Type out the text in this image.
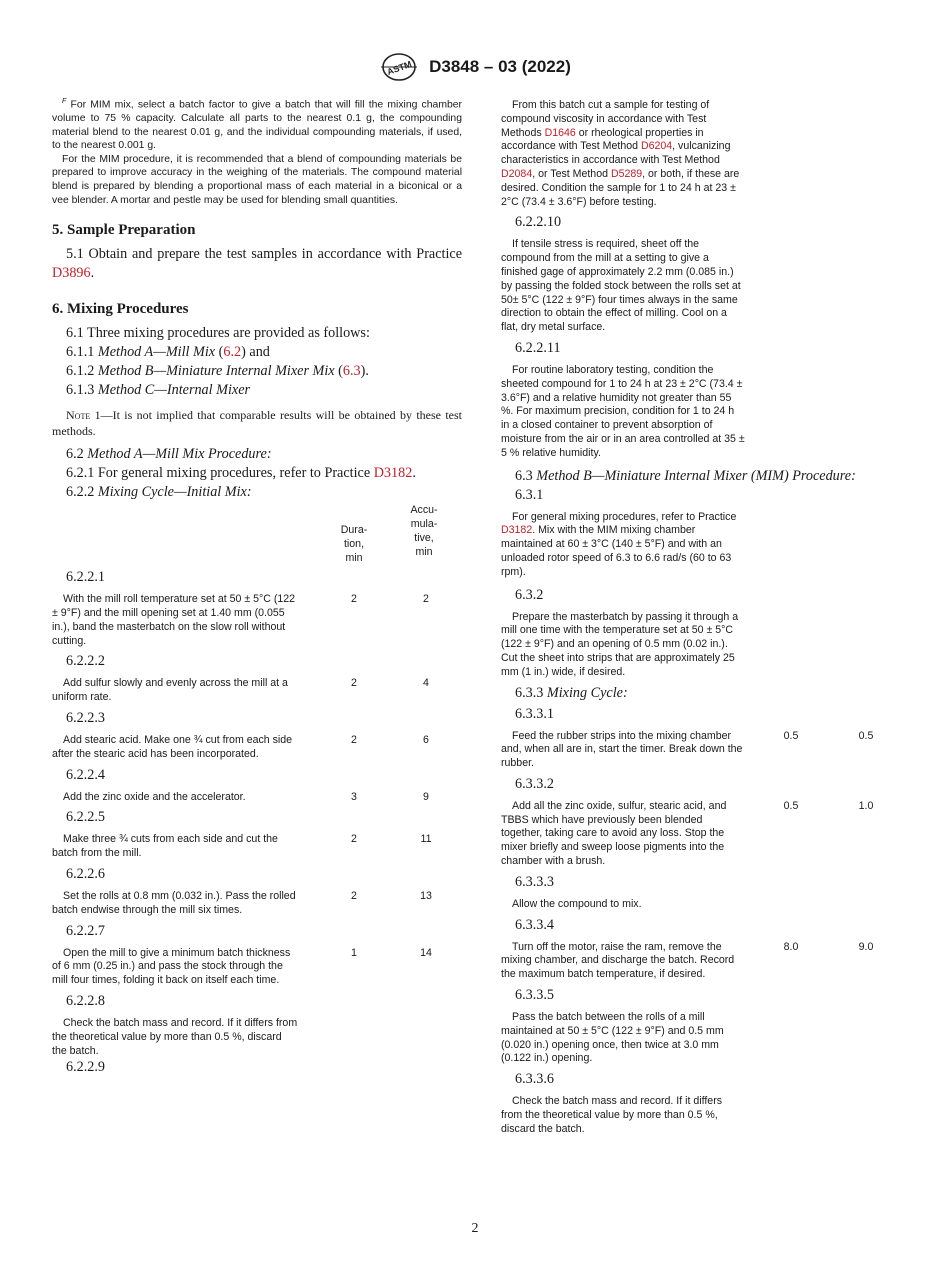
ASTM D3848 – 03 (2022)

$^F$ For MIM mix, select a batch factor to give a batch that will fill the mixing chamber volume to 75 % capacity. Calculate all parts to the nearest 0.1 g, the compounding material blend to the nearest 0.01 g, and the individual compounding materials, if used, to the nearest 0.001 g.

For the MIM procedure, it is recommended that a blend of compounding materials be prepared to improve accuracy in the weighing of the materials. The compound material blend is prepared by blending a proportional mass of each material in a biconical or a vee blender. A mortar and pestle may be used for blending small quantities.

5. Sample Preparation

5.1 Obtain and prepare the test samples in accordance with Practice D3896.

6. Mixing Procedures

6.1 Three mixing procedures are provided as follows:

6.1.1 Method A—Mill Mix (6.2) and

6.1.2 Method B—Miniature Internal Mixer Mix (6.3).

6.1.3 Method C—Internal Mixer

Note 1—It is not implied that comparable results will be obtained by these test methods.

6.2 Method A—Mill Mix Procedure:

6.2.1 For general mixing procedures, refer to Practice D3182.

6.2.2 Mixing Cycle—Initial Mix:

Dura-
tion,
min
Accu-
mula-
tive,
min

6.2.2.1

With the mill roll temperature set at 50 ± 5°C (122 ± 9°F) and the mill opening set at 1.40 mm (0.055 in.), band the masterbatch on the slow roll without cutting.
2	2

6.2.2.2

Add sulfur slowly and evenly across the mill at a uniform rate.
2	4

6.2.2.3

Add stearic acid. Make one ¾ cut from each side after the stearic acid has been incorporated.
2	6

6.2.2.4

Add the zinc oxide and the accelerator.	3	9

6.2.2.5

Make three ¾ cuts from each side and cut the batch from the mill.
2	11

6.2.2.6

Set the rolls at 0.8 mm (0.032 in.). Pass the rolled batch endwise through the mill six times.
2	13

6.2.2.7

Open the mill to give a minimum batch thickness of 6 mm (0.25 in.) and pass the stock through the mill four times, folding it back on itself each time.
1	14

6.2.2.8

Check the batch mass and record. If it differs from the theoretical value by more than 0.5 %, discard the batch.

6.2.2.9

From this batch cut a sample for testing of compound viscosity in accordance with Test Methods D1646 or rheological properties in accordance with Test Method D6204, vulcanizing characteristics in accordance with Test Method D2084, or Test Method D5289, or both, if these are desired. Condition the sample for 1 to 24 h at 23 ± 2°C (73.4 ± 3.6°F) before testing.

6.2.2.10

If tensile stress is required, sheet off the compound from the mill at a setting to give a finished gage of approximately 2.2 mm (0.085 in.) by passing the folded stock between the rolls set at 50± 5°C (122 ± 9°F) four times always in the same direction to obtain the effect of milling. Cool on a flat, dry metal surface.

6.2.2.11

For routine laboratory testing, condition the sheeted compound for 1 to 24 h at 23 ± 2°C (73.4 ± 3.6°F) and a relative humidity not greater than 55 %. For maximum precision, condition for 1 to 24 h in a closed container to prevent absorption of moisture from the air or in an area controlled at 35 ± 5 % relative humidity.

6.3 Method B—Miniature Internal Mixer (MIM) Procedure:

6.3.1

For general mixing procedures, refer to Practice D3182. Mix with the MIM mixing chamber maintained at 60 ± 3°C (140 ± 5°F) and with an unloaded rotor speed of 6.3 to 6.6 rad/s (60 to 63 rpm).

6.3.2

Prepare the masterbatch by passing it through a mill one time with the temperature set at 50 ± 5°C (122 ± 9°F) and an opening of 0.5 mm (0.02 in.). Cut the sheet into strips that are approximately 25 mm (1 in.) wide, if desired.

6.3.3 Mixing Cycle:

6.3.3.1

Feed the rubber strips into the mixing chamber and, when all are in, start the timer. Break down the rubber.
0.5	0.5

6.3.3.2

Add all the zinc oxide, sulfur, stearic acid, and TBBS which have previously been blended together, taking care to avoid any loss. Stop the mixer briefly and sweep loose pigments into the chamber with a brush.
0.5	1.0

6.3.3.3

Allow the compound to mix.

6.3.3.4

Turn off the motor, raise the ram, remove the mixing chamber, and discharge the batch. Record the maximum batch temperature, if desired.
8.0	9.0

6.3.3.5

Pass the batch between the rolls of a mill maintained at 50 ± 5°C (122 ± 9°F) and 0.5 mm (0.020 in.) opening once, then twice at 3.0 mm (0.122 in.) opening.

6.3.3.6

Check the batch mass and record. If it differs from the theoretical value by more than 0.5 %, discard the batch.
2
